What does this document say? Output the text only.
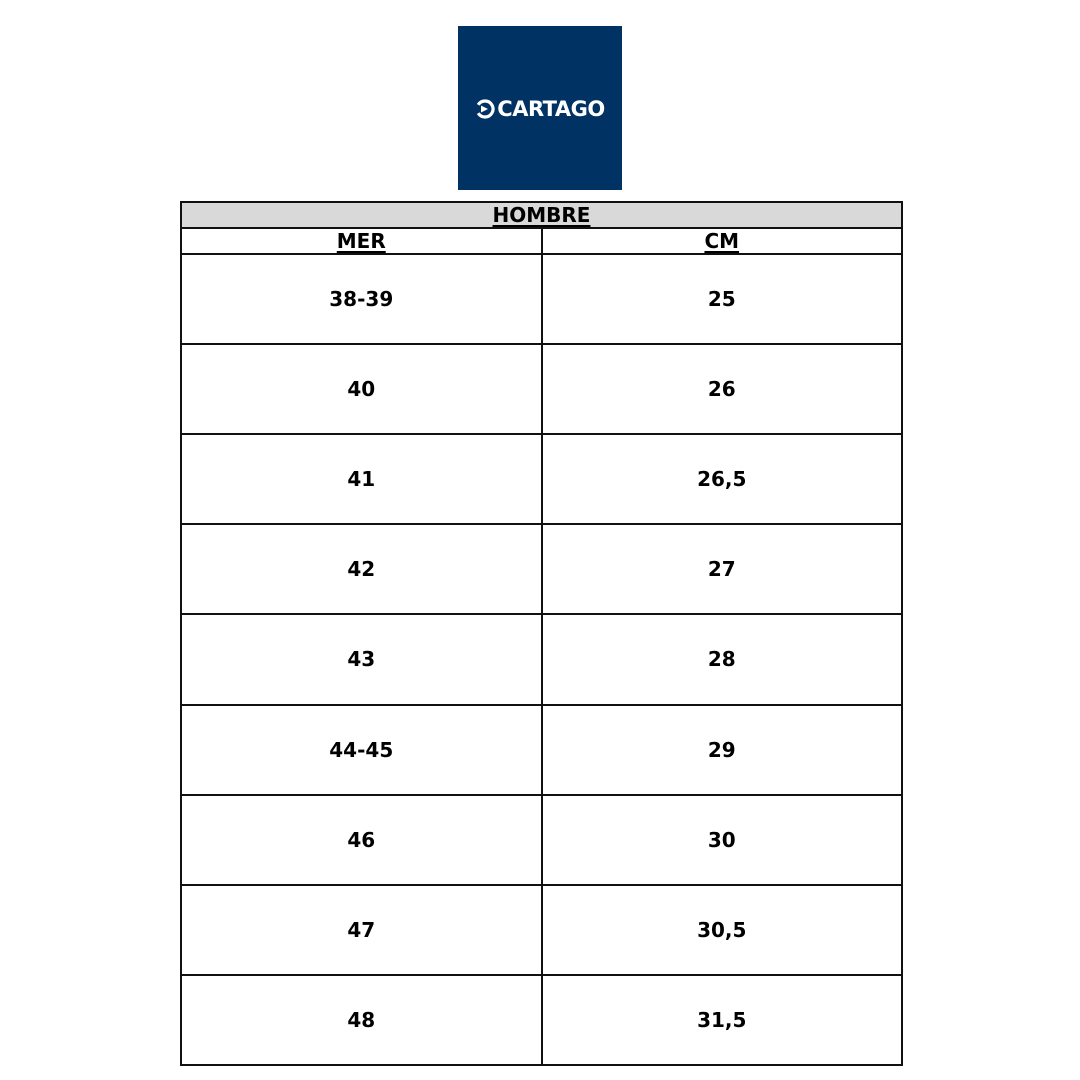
CARTAGO
HOMBRE	
MER	CM
38-39	25
40	26
41	26,5
42	27
43	28
44-45	29
46	30
47	30,5
48	31,5
